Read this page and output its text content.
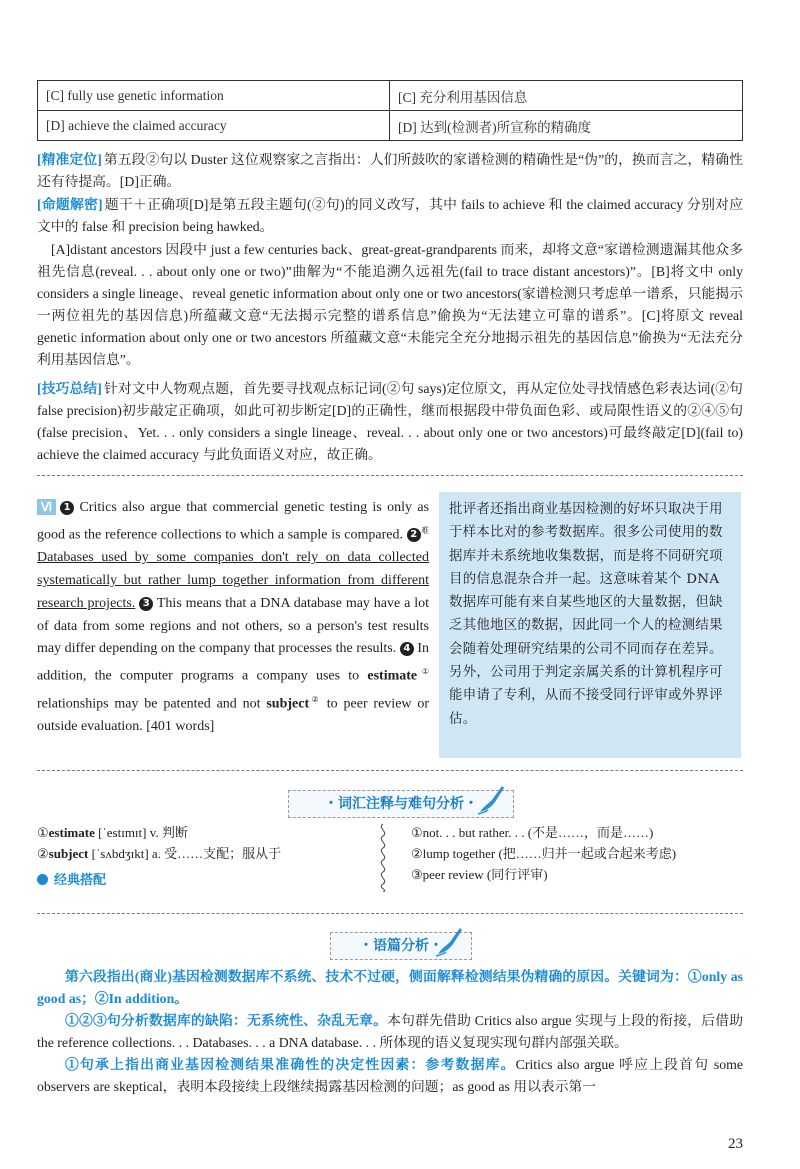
[C] fully use genetic information	[C] 充分利用基因信息
[D] achieve the claimed accuracy	[D] 达到(检测者)所宣称的精确度
[精准定位] 第五段②句以 Duster 这位观察家之言指出：人们所鼓吹的家谱检测的精确性是“伪”的，换而言之，精确性还有待提高。[D]正确。
[命题解密] 题干＋正确项[D]是第五段主题句(②句)的同义改写，其中 fails to achieve 和 the claimed accuracy 分别对应文中的 false 和 precision being hawked。
[A]distant ancestors 因段中 just a few centuries back、great-great-grandparents 而来，却将文意“家谱检测遗漏其他众多祖先信息(reveal. . . about only one or two)”曲解为“不能追溯久远祖先(fail to trace distant ancestors)”。[B]将文中 only considers a single lineage、reveal genetic information about only one or two ancestors(家谱检测只考虑单一谱系，只能揭示一两位祖先的基因信息)所蕴藏文意“无法揭示完整的谱系信息”偷换为“无法建立可靠的谱系”。[C]将原文 reveal genetic information about only one or two ancestors 所蕴藏文意“未能完全充分地揭示祖先的基因信息”偷换为“无法充分利用基因信息”。
[技巧总结] 针对文中人物观点题，首先要寻找观点标记词(②句 says)定位原文，再从定位处寻找情感色彩表达词(②句 false precision)初步敲定正确项，如此可初步断定[D]的正确性，继而根据段中带负面色彩、或局限性语义的②④⑤句(false precision、Yet. . . only considers a single lineage、reveal. . . about only one or two ancestors)可最终敲定[D](fail to) achieve the claimed accuracy 与此负面语义对应，故正确。
Ⅵ 1 Critics also argue that commercial genetic testing is only as good as the reference collections to which a sample is compared. 2 $^难$ Databases used by some companies don't rely on data collected systematically but rather lump together information from different research projects. 3 This means that a DNA database may have a lot of data from some regions and not others, so a person's test results may differ depending on the company that processes the results. 4 In addition, the computer programs a company uses to estimate① relationships may be patented and not subject② to peer review or outside evaluation. [401 words]
批评者还指出商业基因检测的好坏只取决于用于样本比对的参考数据库。很多公司使用的数据库并未系统地收集数据，而是将不同研究项目的信息混杂合并一起。这意味着某个 DNA 数据库可能有来自某些地区的大量数据，但缺乏其他地区的数据，因此同一个人的检测结果会随着处理研究结果的公司不同而存在差异。另外，公司用于判定亲属关系的计算机程序可能申请了专利，从而不接受同行评审或外界评估。
・词汇注释与难句分析・
①estimate [ˈestɪmɪt] v. 判断
②subject [ˈsʌbdʒɪkt] a. 受……支配；服从于
经典搭配
①not. . . but rather. . . (不是……，而是……)
②lump together (把……归并一起或合起来考虑)
③peer review (同行评审)
・语篇分析・
第六段指出(商业)基因检测数据库不系统、技术不过硬，侧面解释检测结果伪精确的原因。关键词为：①only as good as；②In addition。
①②③句分析数据库的缺陷：无系统性、杂乱无章。本句群先借助 Critics also argue 实现与上段的衔接，后借助 the reference collections. . . Databases. . . a DNA database. . . 所体现的语义复现实现句群内部强关联。
①句承上指出商业基因检测结果准确性的决定性因素：参考数据库。Critics also argue 呼应上段首句 some observers are skeptical，表明本段接续上段继续揭露基因检测的问题；as good as 用以表示第一
23
